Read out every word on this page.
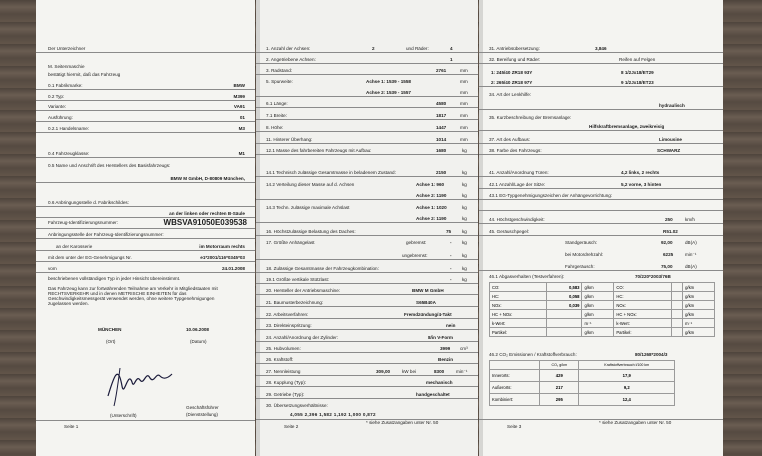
Der Unterzeichner
M. Seitenmaschie
bestätigt hiermit, daß das Fahrzeug
0.1 Fabrikmarke:	BMW
0.2 Typ:	M399
Variante:	VA91
Ausführung:	01
0.2.1 Handelsname:	M3
0.4 Fahrzeugklasse:	M1
0.5 Name und Anschrift des Herstellers des Basisfahrzeugs:
BMW M GmbH, D-80809 München,
0.6 Anbringungsstelle d. Fabrikschildes:
an der linken oder rechten B-Säule
Fahrzeug-Identifizierungsnummer:	WBSVA91050E039538
Anbringungsstelle der Fahrzeug-Identifizierungsnummer:
an der Karosserie	im Motorraum rechts
mit dem unter der EG-Genehmigungs Nr.	e1*2001/116*0345*03
vom	24.01.2008
beschriebenen vollständigen Typ in jeder Hinsicht übereinstimmt.
Das Fahrzeug kann zur fortwährenden Teilnahme am Verkehr in Mitgliedstaaten mit RECHTSVERKEHR und in denen METRISCHE EINHEITEN für das Geschwindigkeitsmessgerät verwendet werden, ohne weitere Typgenehmigungen zugelassen werden.
MÜNCHEN
(Ort)
10.06.2008
(Datum)
(Unterschrift)
Geschäftsführer
(Dienststellung)
Seite 1
1. Anzahl der Achsen:	2	und Räder:	4
2. Angetriebene Achsen:	1
3. Radstand:	2761	mm
5. Spurweite:	Achse 1: 1539 - 1558	mm
Achse 2: 1539 - 1557	mm
6.1 Länge:	4580	mm
7.1 Breite:	1817	mm
8. Höhe:	1447	mm
11. Hinterer Überhang:	1014	mm
12.1 Masse des fahrbereiten Fahrzeugs mit Aufbau:	1680	kg
14.1 Technisch zulässige Gesamtmasse in beladenem Zustand:	2150	kg
14.2 Verteilung dieser Masse auf d. Achsen	Achse 1: 960	kg
Achse 2: 1190	kg
14.3 Techn. zulässige maximale Achslast	Achse 1: 1020	kg
Achse 2: 1190	kg
16. Höchstzulässige Belastung des Daches:	75 kg
17. Größte Anhängelast	gebremst:	- kg
ungebremst:	- kg
18. Zulässige Gesamtmasse der Fahrzeugkombination:	- kg
19.1 Größte vertikale Stützlast:	- kg
20. Hersteller der Antriebsmaschine:	BMW M GmbH
21. Baumusterbezeichnung:	S65B40A
22. Arbeitsverfahren:	Fremdzündung/4-Takt
23. Direkteinspritzung:	nein
24. Anzahl/Anordnung der Zylinder:	8/in V-Form
25. Hubvolumen:	3999 cm³
26. Kraftstoff:	Benzin
27. Nennleistung	309,00	kW bei	8300	min⁻¹
28. Kupplung (Typ):	mechanisch
29. Getriebe (Typ):	handgeschaltet
30. Übersetzungsverhältnisse:
4,055 2,396 1,582 1,192 1,000 0,872
Seite 2
* siehe Zusatzangaben unter Nr. 50
31. Antriebsübersetzung:	3,846
32. Bereifung und Räder:	Reifen auf Felgen
1: 245/40 ZR18 93Y	8 1/2Jx18/ET29
2: 265/40 ZR18 97Y	9 1/2Jx18/ET23
34. Art der Lenkhilfe:
hydraulisch
35. Kurzbeschreibung der Bremsanlage:
Hilfskraftbremsanlage, zweikreisig
37. Art des Aufbaus:	Limousine
38. Farbe des Fahrzeugs:	SCHWARZ
41. Anzahl/Anordnung Türen:	4,2 links, 2 rechts
42.1 Anzahl/Lage der Sitze:	5,2 vorne, 3 hinten
43.1 EG-Typgenehmigungszeichen der Anhängevorrichtung:
44. Höchstgeschwindigkeit:	250	km/h
45. Geräuschpegel:	R51.02
Standgeräusch:	92,00	dB(A)
bei Motordrehzahl:	6225	min⁻¹
Fahrgeräusch:	75,00	dB(A)
46.1 Abgasverhalten (Testverfahren):	70/220*2003/76B
CO:	0,583	g/km	CO:		g/km
HC:	0,058	g/km	HC:		g/km
NOx:	0,039	g/km	NOx:		g/km
HC + NOx:		g/km	HC + NOx:		g/km
k-Wert:		m⁻¹	k-Wert:		m⁻¹
Partikel:		g/km	Partikel:		g/km
46.2 CO₂ Emissionen / Kraftstoffverbrauch:	80/1268*2004/3
	CO₂ g/km	Kraftstoffverbrauch l/100 km
Innerorts:	429	17,9
Außerorts:	217	9,2
Kombiniert:	295	12,4
Seite 3
* siehe Zusatzangaben unter Nr. 50
